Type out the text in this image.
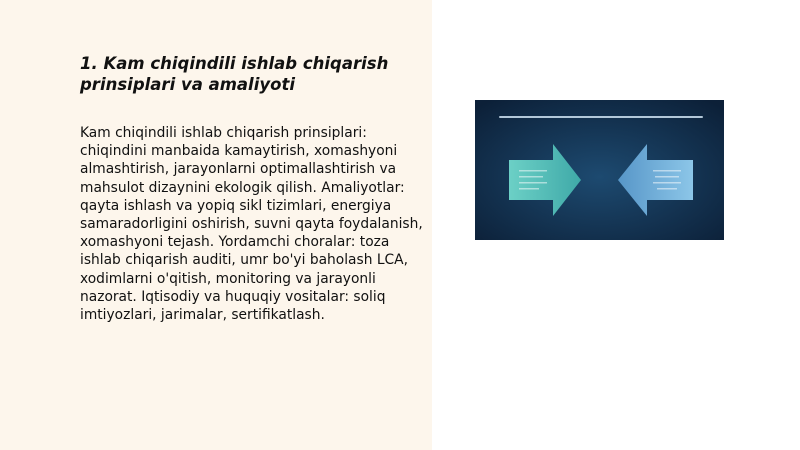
1. Kam chiqindili ishlab chiqarish prinsiplari va amaliyoti

Kam chiqindili ishlab chiqarish prinsiplari: chiqindini manbaida kamaytirish, xomashyoni almashtirish, jarayonlarni optimallashtirish va mahsulot dizaynini ekologik qilish. Amaliyotlar: qayta ishlash va yopiq sikl tizimlari, energiya samaradorligini oshirish, suvni qayta foydalanish, xomashyoni tejash. Yordamchi choralar: toza ishlab chiqarish auditi, umr bo'yi baholash LCA, xodimlarni o'qitish, monitoring va jarayonli nazorat. Iqtisodiy va huquqiy vositalar: soliq imtiyozlari, jarimalar, sertifikatlash.
